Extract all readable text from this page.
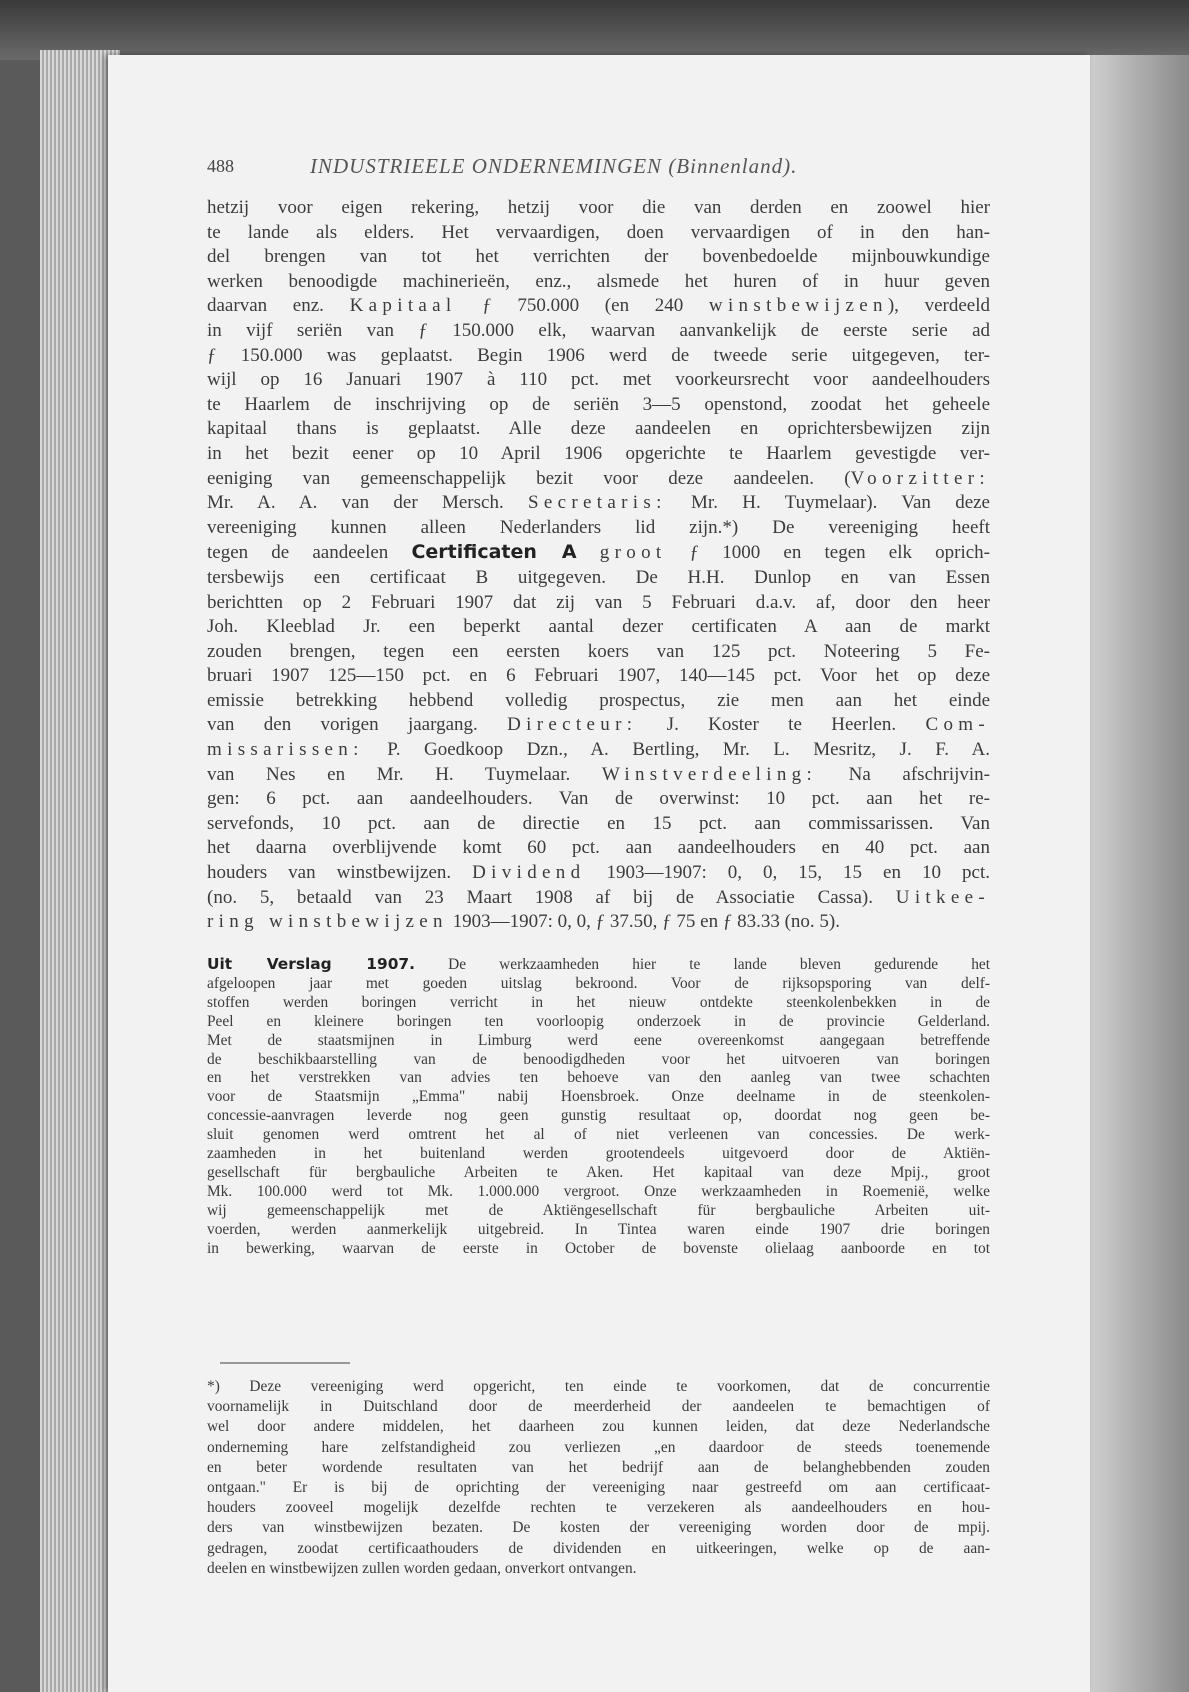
488	INDUSTRIEELE ONDERNEMINGEN (Binnenland).
hetzij voor eigen rekering, hetzij voor die van derden en zoowel hier
te lande als elders. Het vervaardigen, doen vervaardigen of in den han-
del brengen van tot het verrichten der bovenbedoelde mijnbouwkundige
werken benoodigde machinerieën, enz., alsmede het huren of in huur geven
daarvan enz. Kapitaal ƒ 750.000 (en 240 winstbewijzen), verdeeld
in vijf seriën van ƒ 150.000 elk, waarvan aanvankelijk de eerste serie ad
ƒ 150.000 was geplaatst. Begin 1906 werd de tweede serie uitgegeven, ter-
wijl op 16 Januari 1907 à 110 pct. met voorkeursrecht voor aandeelhouders
te Haarlem de inschrijving op de seriën 3—5 openstond, zoodat het geheele
kapitaal thans is geplaatst. Alle deze aandeelen en oprichtersbewijzen zijn
in het bezit eener op 10 April 1906 opgerichte te Haarlem gevestigde ver-
eeniging van gemeenschappelijk bezit voor deze aandeelen. (Voorzitter:
Mr. A. A. van der Mersch. Secretaris: Mr. H. Tuymelaar). Van deze
vereeniging kunnen alleen Nederlanders lid zijn.*) De vereeniging heeft
tegen de aandeelen Certificaten A groot ƒ 1000 en tegen elk oprich-
tersbewijs een certificaat B uitgegeven. De H.H. Dunlop en van Essen
berichtten op 2 Februari 1907 dat zij van 5 Februari d.a.v. af, door den heer
Joh. Kleeblad Jr. een beperkt aantal dezer certificaten A aan de markt
zouden brengen, tegen een eersten koers van 125 pct. Noteering 5 Fe-
bruari 1907 125—150 pct. en 6 Februari 1907, 140—145 pct. Voor het op deze
emissie betrekking hebbend volledig prospectus, zie men aan het einde
van den vorigen jaargang. Directeur: J. Koster te Heerlen. Com-
missarissen: P. Goedkoop Dzn., A. Bertling, Mr. L. Mesritz, J. F. A.
van Nes en Mr. H. Tuymelaar. Winstverdeeling: Na afschrijvin-
gen: 6 pct. aan aandeelhouders. Van de overwinst: 10 pct. aan het re-
servefonds, 10 pct. aan de directie en 15 pct. aan commissarissen. Van
het daarna overblijvende komt 60 pct. aan aandeelhouders en 40 pct. aan
houders van winstbewijzen. Dividend 1903—1907: 0, 0, 15, 15 en 10 pct.
(no. 5, betaald van 23 Maart 1908 af bij de Associatie Cassa). Uitkee-
ring winstbewijzen 1903—1907: 0, 0, ƒ 37.50, ƒ 75 en ƒ 83.33 (no. 5).
Uit Verslag 1907. De werkzaamheden hier te lande bleven gedurende het
afgeloopen jaar met goeden uitslag bekroond. Voor de rijksopsporing van delf-
stoffen werden boringen verricht in het nieuw ontdekte steenkolenbekken in de
Peel en kleinere boringen ten voorloopig onderzoek in de provincie Gelderland.
Met de staatsmijnen in Limburg werd eene overeenkomst aangegaan betreffende
de beschikbaarstelling van de benoodigdheden voor het uitvoeren van boringen
en het verstrekken van advies ten behoeve van den aanleg van twee schachten
voor de Staatsmijn „Emma" nabij Hoensbroek. Onze deelname in de steenkolen-
concessie-aanvragen leverde nog geen gunstig resultaat op, doordat nog geen be-
sluit genomen werd omtrent het al of niet verleenen van concessies. De werk-
zaamheden in het buitenland werden grootendeels uitgevoerd door de Aktiën-
gesellschaft für bergbauliche Arbeiten te Aken. Het kapitaal van deze Mpij., groot
Mk. 100.000 werd tot Mk. 1.000.000 vergroot. Onze werkzaamheden in Roemenië, welke
wij gemeenschappelijk met de Aktiëngesellschaft für bergbauliche Arbeiten uit-
voerden, werden aanmerkelijk uitgebreid. In Tintea waren einde 1907 drie boringen
in bewerking, waarvan de eerste in October de bovenste olielaag aanboorde en tot
*) Deze vereeniging werd opgericht, ten einde te voorkomen, dat de concurrentie
voornamelijk in Duitschland door de meerderheid der aandeelen te bemachtigen of
wel door andere middelen, het daarheen zou kunnen leiden, dat deze Nederlandsche
onderneming hare zelfstandigheid zou verliezen „en daardoor de steeds toenemende
en beter wordende resultaten van het bedrijf aan de belanghebbenden zouden
ontgaan." Er is bij de oprichting der vereeniging naar gestreefd om aan certificaat-
houders zooveel mogelijk dezelfde rechten te verzekeren als aandeelhouders en hou-
ders van winstbewijzen bezaten. De kosten der vereeniging worden door de mpij.
gedragen, zoodat certificaathouders de dividenden en uitkeeringen, welke op de aan-
deelen en winstbewijzen zullen worden gedaan, onverkort ontvangen.
